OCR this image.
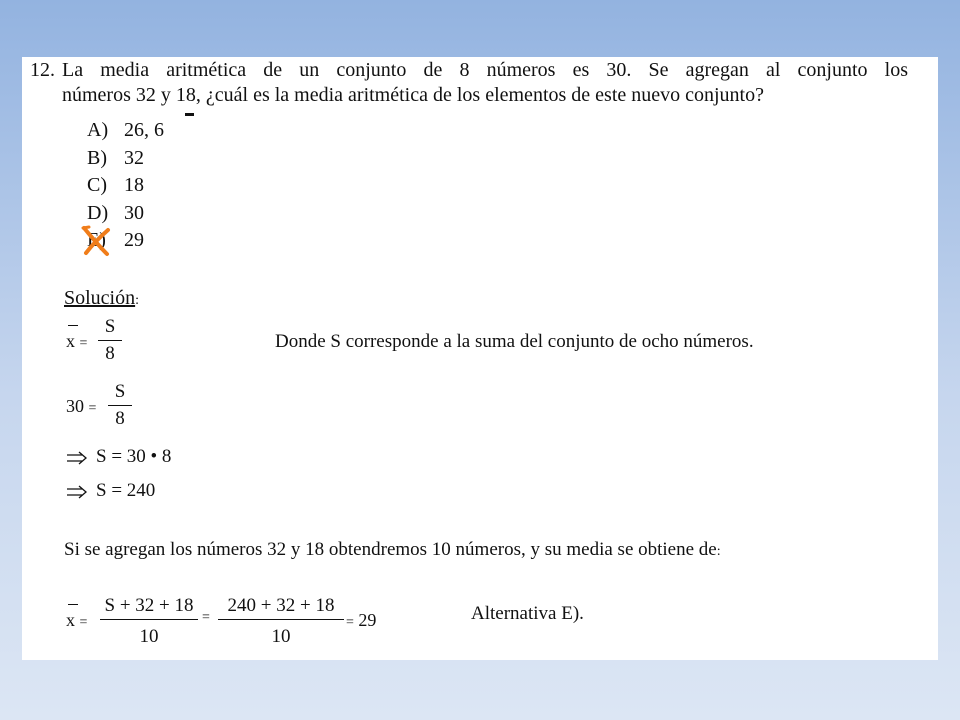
12. La media aritmética de un conjunto de 8 números es 30. Se agregan al conjunto los
números 32 y 18, ¿cuál es la media aritmética de los elementos de este nuevo conjunto?
A) 26, 6
B) 32
C) 18
D) 30
E) 29
Solución:
x =
S
8
Donde S corresponde a la suma del conjunto de ocho números.
30 =
S
8
S = 30 • 8
S = 240
Si se agregan los números 32 y 18 obtendremos 10 números, y su media se obtiene de:
x =
S + 32 + 18
10
=
240 + 32 + 18
10
= 29	Alternativa E).
